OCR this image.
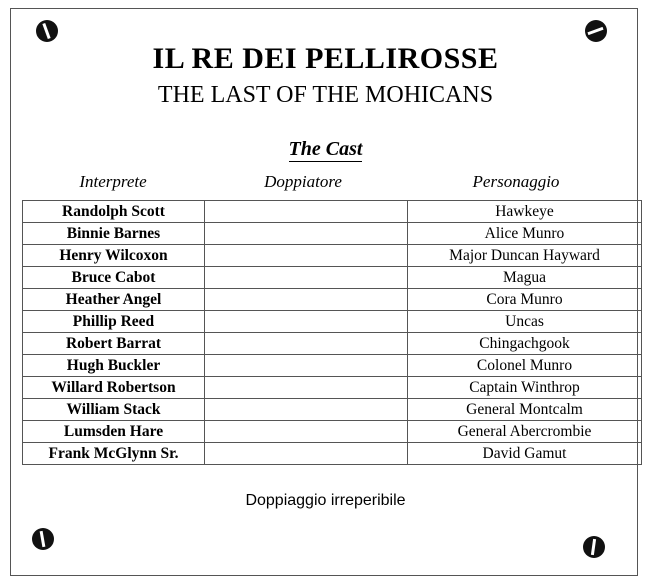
IL RE DEI PELLIROSSE
THE LAST OF THE MOHICANS
The Cast
Interprete	Doppiatore	Personaggio
Randolph Scott		Hawkeye
Binnie Barnes		Alice Munro
Henry Wilcoxon		Major Duncan Hayward
Bruce Cabot		Magua
Heather Angel		Cora Munro
Phillip Reed		Uncas
Robert Barrat		Chingachgook
Hugh Buckler		Colonel Munro
Willard Robertson		Captain Winthrop
William Stack		General Montcalm
Lumsden Hare		General Abercrombie
Frank McGlynn Sr.		David Gamut
Doppiaggio irreperibile
